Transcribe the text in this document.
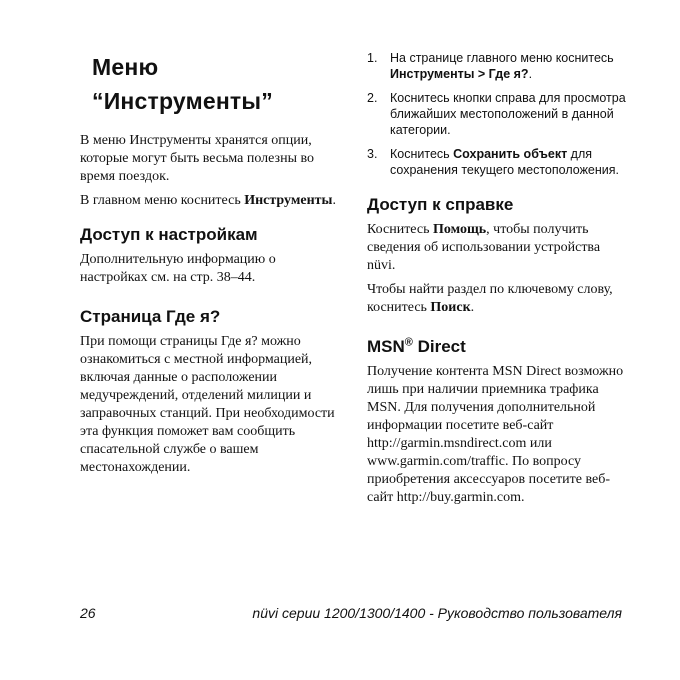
Меню “Инструменты”

В меню Инструменты хранятся опции, которые могут быть весьма полезны во время поездок.

В главном меню коснитесь Инструменты.

Доступ к настройкам

Дополнительную информацию о настройках см. на стр. 38–44.

Страница Где я?

При помощи страницы Где я? можно ознакомиться с местной информацией, включая данные о расположении медучреждений, отделений милиции и заправочных станций. При необходимости эта функция поможет вам сообщить спасательной службе о вашем местонахождении.

1. На странице главного меню коснитесь Инструменты > Где я?.
2. Коснитесь кнопки справа для просмотра ближайших местоположений в данной категории.
3. Коснитесь Сохранить объект для сохранения текущего местоположения.
Доступ к справке

Коснитесь Помощь, чтобы получить сведения об использовании устройства nüvi.

Чтобы найти раздел по ключевому слову, коснитесь Поиск.

MSN® Direct

Получение контента MSN Direct возможно лишь при наличии приемника трафика MSN. Для получения дополнительной информации посетите веб-сайт http://garmin.msndirect.com или www.garmin.com/traffic. По вопросу приобретения аксессуаров посетите веб-сайт http://buy.garmin.com.

26	nüvi серии 1200/1300/1400 - Руководство пользователя
